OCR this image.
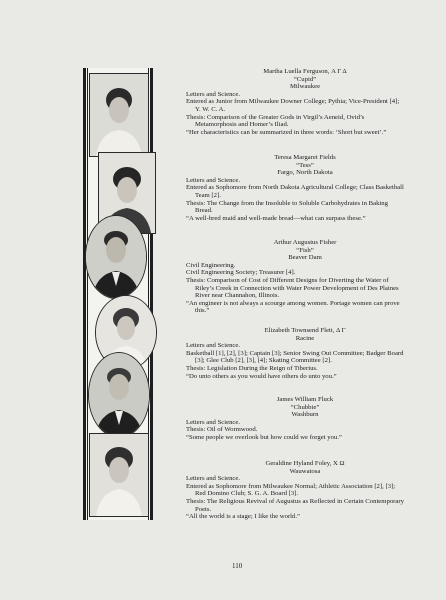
Martha Luella Ferguson, Α Γ Δ
“Cupid”
Milwaukee

Letters and Science.

Entered as Junior from Milwaukee Downer College; Pythia; Vice-President [4]; Y. W. C. A.

Thesis: Comparison of the Greater Gods in Virgil’s Aeneid, Ovid’s Metamorphosis and Homer’s Iliad.

“Her characteristics can be summarized in three words: ‘Short but sweet’.”

Teresa Margaret Fields
“Tess”
Fargo, North Dakota

Letters and Science.

Entered as Sophomore from North Dakota Agricultural College; Class Basketball Team [2].

Thesis: The Change from the Insoluble to Soluble Carbohydrates in Baking Bread.

“A well-bred maid and well-made bread—what can surpass these.”

Arthur Augustus Fisher
“Fish”
Beaver Dam

Civil Engineering.

Civil Engineering Society; Treasurer [4].

Thesis: Comparison of Cost of Different Designs for Diverting the Water of Riley’s Creek in Connection with Water Power Development of Des Plaines River near Channahon, Illinois.

“An engineer is not always a scourge among women. Portage women can prove this.”

Elizabeth Townsend Flett, Δ Γ
Racine

Letters and Science.

Basketball [1], [2], [3]; Captain [3]; Senior Swing Out Committee; Badger Board [3]; Glee Club [2], [3], [4]; Skating Committee [2].

Thesis: Legislation During the Reign of Tiberius.

“Do unto others as you would have others do unto you.”

James William Fluck
“Chubbie”
Washburn

Letters and Science.

Thesis: Oil of Wormwood.

“Some people we overlook but how could we forget you.”

Geraldine Hyland Foley, Χ Ω
Wauwatosa

Letters and Science.

Entered as Sophomore from Milwaukee Normal; Athletic Association [2], [3]; Red Domino Club; S. G. A. Board [3].

Thesis: The Religious Revival of Augustus as Reflected in Certain Contemporary Poets.

“All the world is a stage; I like the world.”

110
